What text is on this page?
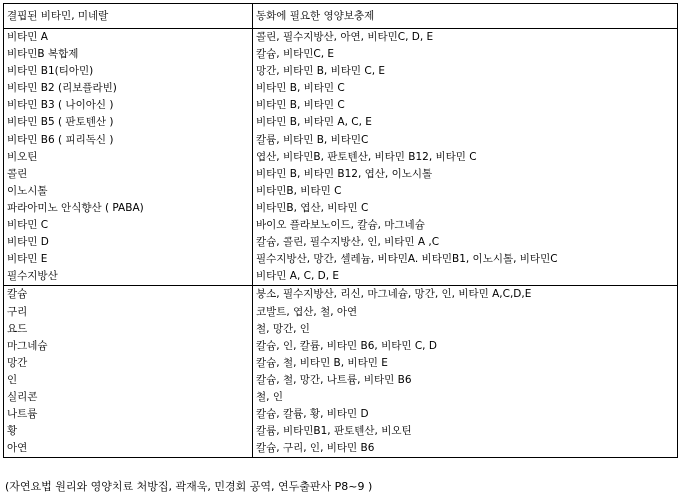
결핍된 비타민, 미네랄	동화에 필요한 영양보충제
비타민 A	콜린, 필수지방산, 아연, 비타민C, D, E
비타민B 복합제	칼슘, 비타민C, E
비타민 B1(티아민)	망간, 비타민 B, 비타민 C, E
비타민 B2 (리보플라빈)	비타민 B, 비타민 C
비타민 B3 ( 나이아신 )	비타민 B, 비타민 C
비타민 B5 ( 판토텐산 )	비타민 B, 비타민 A, C, E
비타민 B6 ( 피리독신 )	칼륨, 비타민 B, 비타민C
비오틴	엽산, 비타민B, 판토텐산, 비타민 B12, 비타민 C
콜린	비타민 B, 비타민 B12, 엽산, 이노시톨
이노시톨	비타민B, 비타민 C
파라아미노 안식향산 ( PABA)	비타민B, 엽산, 비타민 C
비타민 C	바이오 플라보노이드, 칼슘, 마그네슘
비타민 D	칼슘, 콜린, 필수지방산, 인, 비타민 A ,C
비타민 E	필수지방산, 망간, 셀레늄, 비타민A. 비타민B1, 이노시톨, 비타민C
필수지방산	비타민 A, C, D, E
칼슘	붕소, 필수지방산, 리신, 마그네슘, 망간, 인, 비타민 A,C,D,E
구리	코발트, 엽산, 철, 아연
요드	철, 망간, 인
마그네슘	칼슘, 인, 칼륨, 비타민 B6, 비타민 C, D
망간	칼슘, 철, 비타민 B, 비타민 E
인	칼슘, 철, 망간, 나트륨, 비타민 B6
실리콘	철, 인
나트륨	칼슘, 칼륨, 황, 비타민 D
황	칼륨, 비타민B1, 판토텐산, 비오틴
아연	칼슘, 구리, 인, 비타민 B6
(자연요법 원리와 영양치료 처방집, 곽재욱, 민경회 공역, 연두출판사 P8~9 )
